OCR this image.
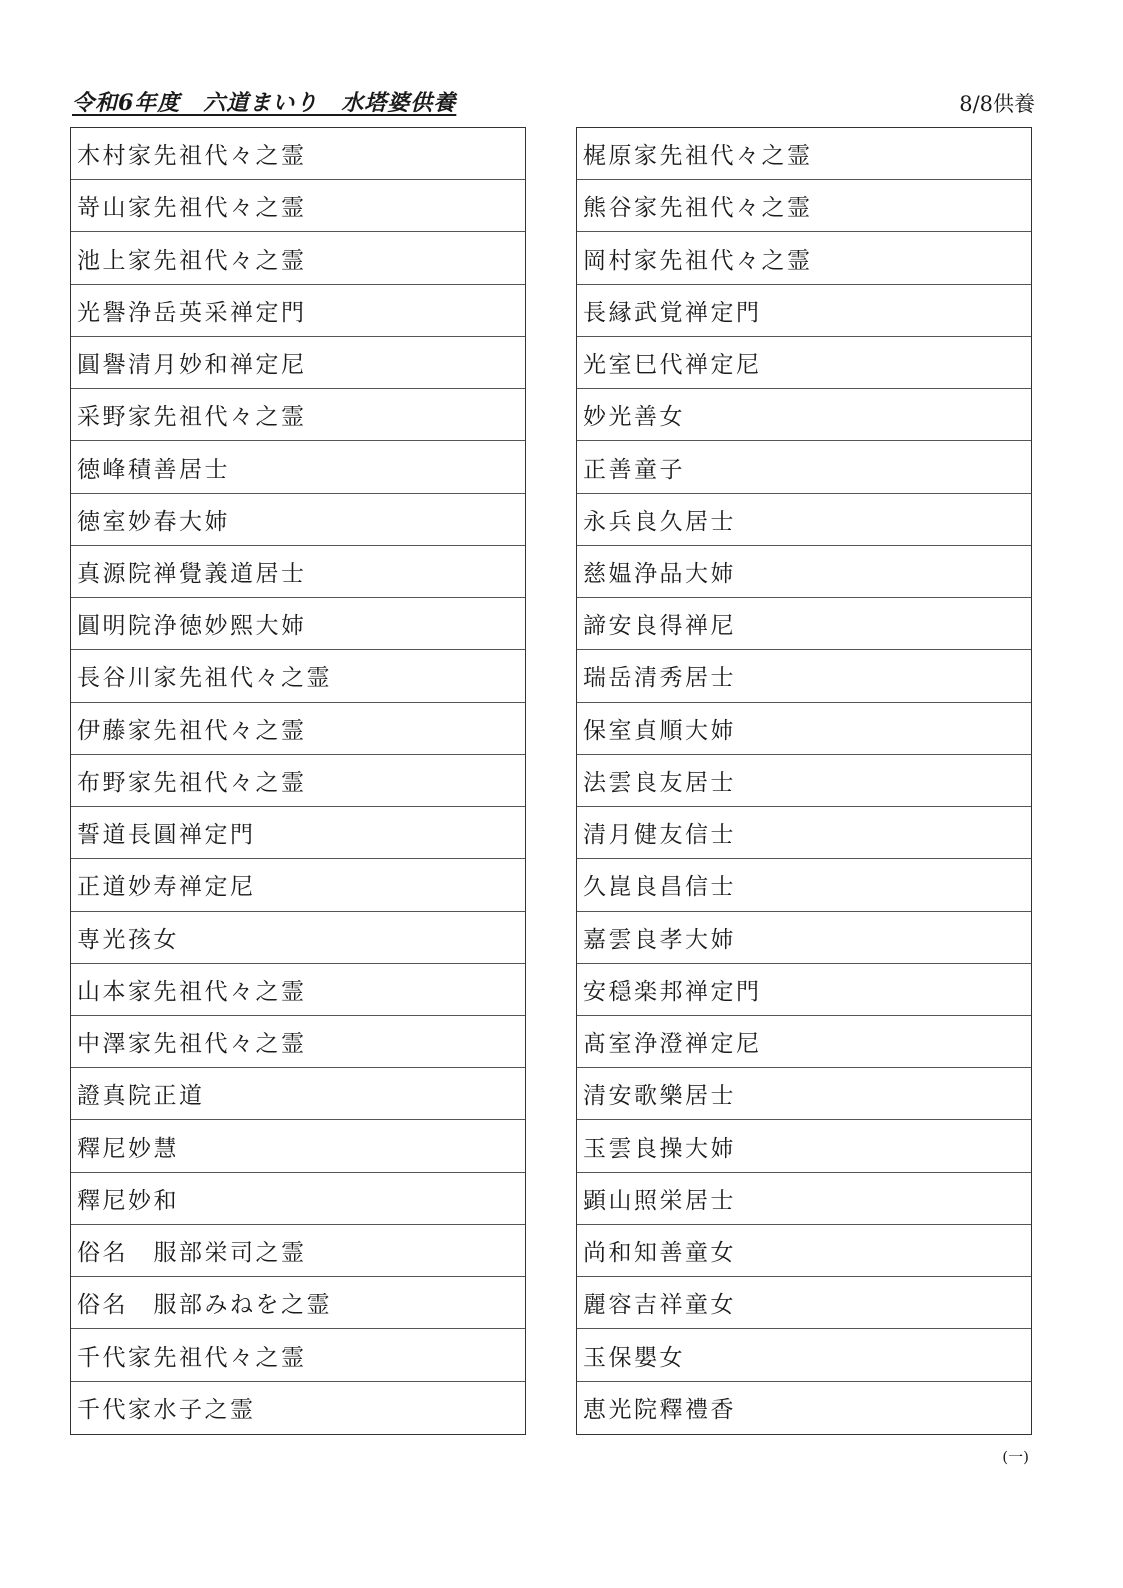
令和6年度　六道まいり　水塔婆供養	8/8供養
木村家先祖代々之霊
嵜山家先祖代々之霊
池上家先祖代々之霊
光譽浄岳英采禅定門
圓譽清月妙和禅定尼
采野家先祖代々之霊
徳峰積善居士
徳室妙春大姉
真源院禅覺義道居士
圓明院浄徳妙熙大姉
長谷川家先祖代々之霊
伊藤家先祖代々之霊
布野家先祖代々之霊
誓道長圓禅定門
正道妙寿禅定尼
専光孩女
山本家先祖代々之霊
中澤家先祖代々之霊
證真院正道
釋尼妙慧
釋尼妙和
俗名　服部栄司之霊
俗名　服部みねを之霊
千代家先祖代々之霊
千代家水子之霊
梶原家先祖代々之霊
熊谷家先祖代々之霊
岡村家先祖代々之霊
長縁武覚禅定門
光室巳代禅定尼
妙光善女
正善童子
永兵良久居士
慈媪浄品大姉
諦安良得禅尼
瑞岳清秀居士
保室貞順大姉
法雲良友居士
清月健友信士
久崑良昌信士
嘉雲良孝大姉
安穏楽邦禅定門
髙室浄澄禅定尼
清安歌樂居士
玉雲良操大姉
顕山照栄居士
尚和知善童女
麗容吉祥童女
玉保嬰女
恵光院釋禮香
(一)
